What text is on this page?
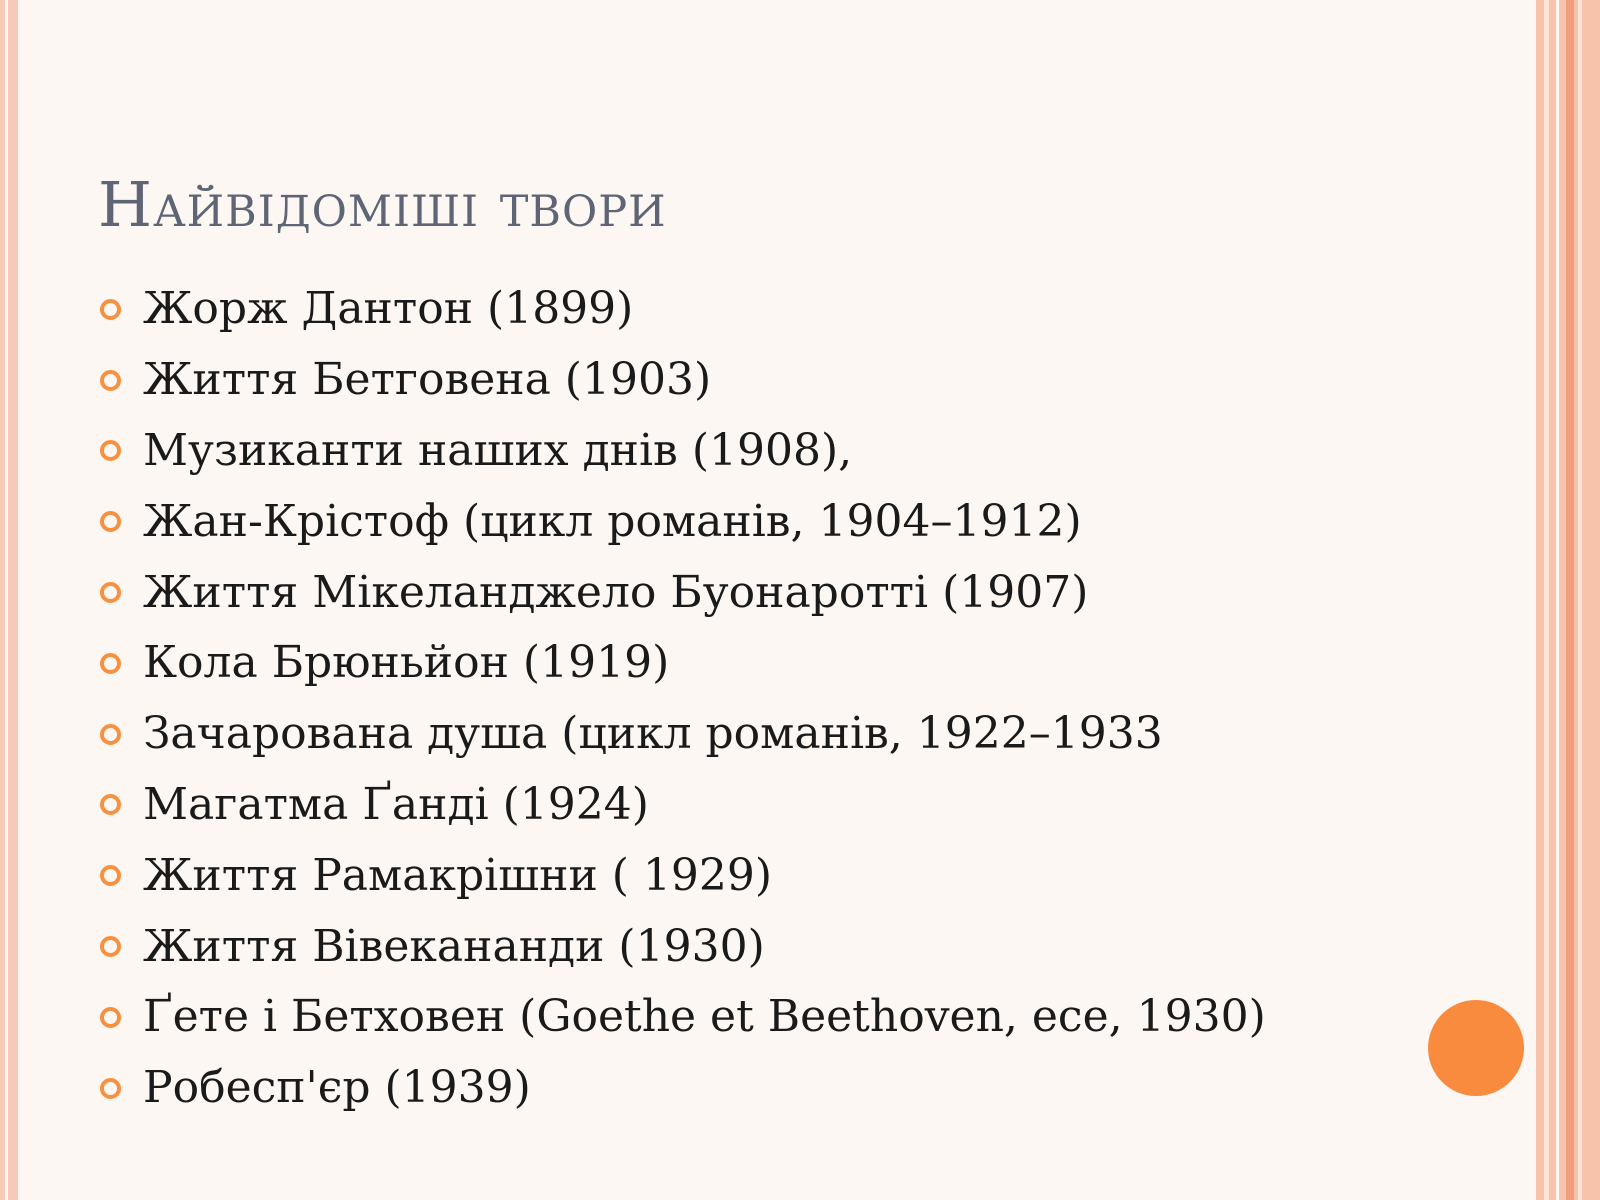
Найвідоміші твори
Жорж Дантон (1899)
Життя Бетговена (1903)
Музиканти наших днів (1908),
Жан-Крістоф (цикл романів, 1904–1912)
Життя Мікеланджело Буонаротті (1907)
Кола Брюньйон (1919)
Зачарована душа (цикл романів, 1922–1933
Магатма Ґанді (1924)
Життя Рамакрішни ( 1929)
Життя Вівекананди (1930)
Ґете і Бетховен (Goethe et Beethoven, есе, 1930)
Робесп'єр (1939)
